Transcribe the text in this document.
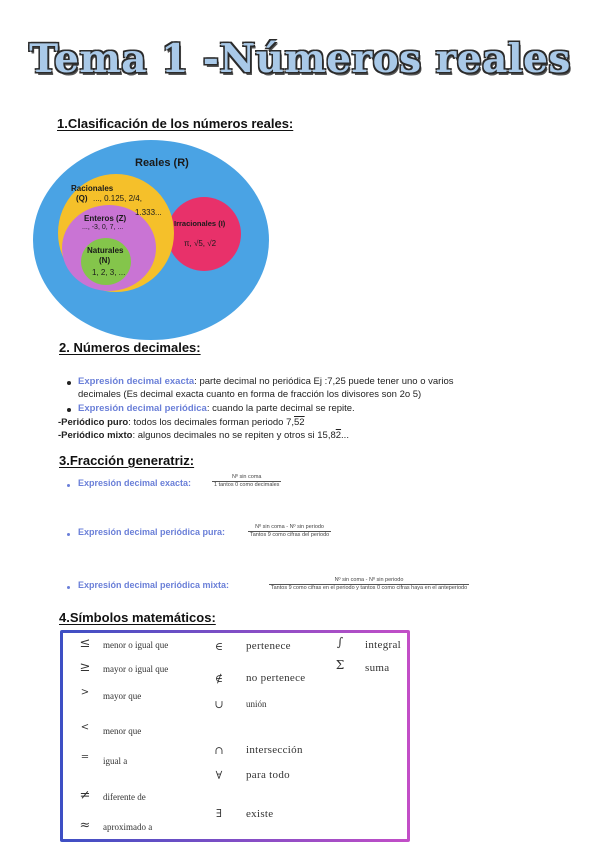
Tema 1 -Números reales
1.Clasificación de los números reales:
Reales (R)
Racionales
(Q) ..., 0.125, 2/4,
1.333...
Enteros (Z)
..., -3, 0, 7, ...
Naturales
(N)
1, 2, 3, ...
Irracionales (I)
π, √5, √2
2. Números decimales:
Expresión decimal exacta: parte decimal no periódica Ej :7,25 puede tener uno o varios
decimales (Es decimal exacta cuanto en forma de fracción los divisores son 2o 5)
Expresión decimal periódica: cuando la parte decimal se repite.
-Periódico puro: todos los decimales forman periodo 7,52
-Periódico mixto: algunos decimales no se repiten y otros si 15,82...
3.Fracción generatriz:
Expresión decimal exacta:
Nº sin coma
1 tantos 0 como decimales
Expresión decimal periódica pura:	Nº sin coma - Nº sin periodo
Tantos 9 como cifras del periodo
Expresión decimal periódica mixta:	Nº sin coma - Nº sin periodo
Tantos 9 como cifras en el periodo y tantos 0 como cifras haya en el anteperiodo
4.Símbolos matemáticos:
≤ menor o igual que
≥ mayor o igual que
>	mayor que
<	menor que
=	igual a
≠ diferente de
≈ aproximado a
∈	pertenece
∉	no pertenece
∪	unión
∩	intersección
∀	para todo
∃	existe
∫	integral
Σ	suma
